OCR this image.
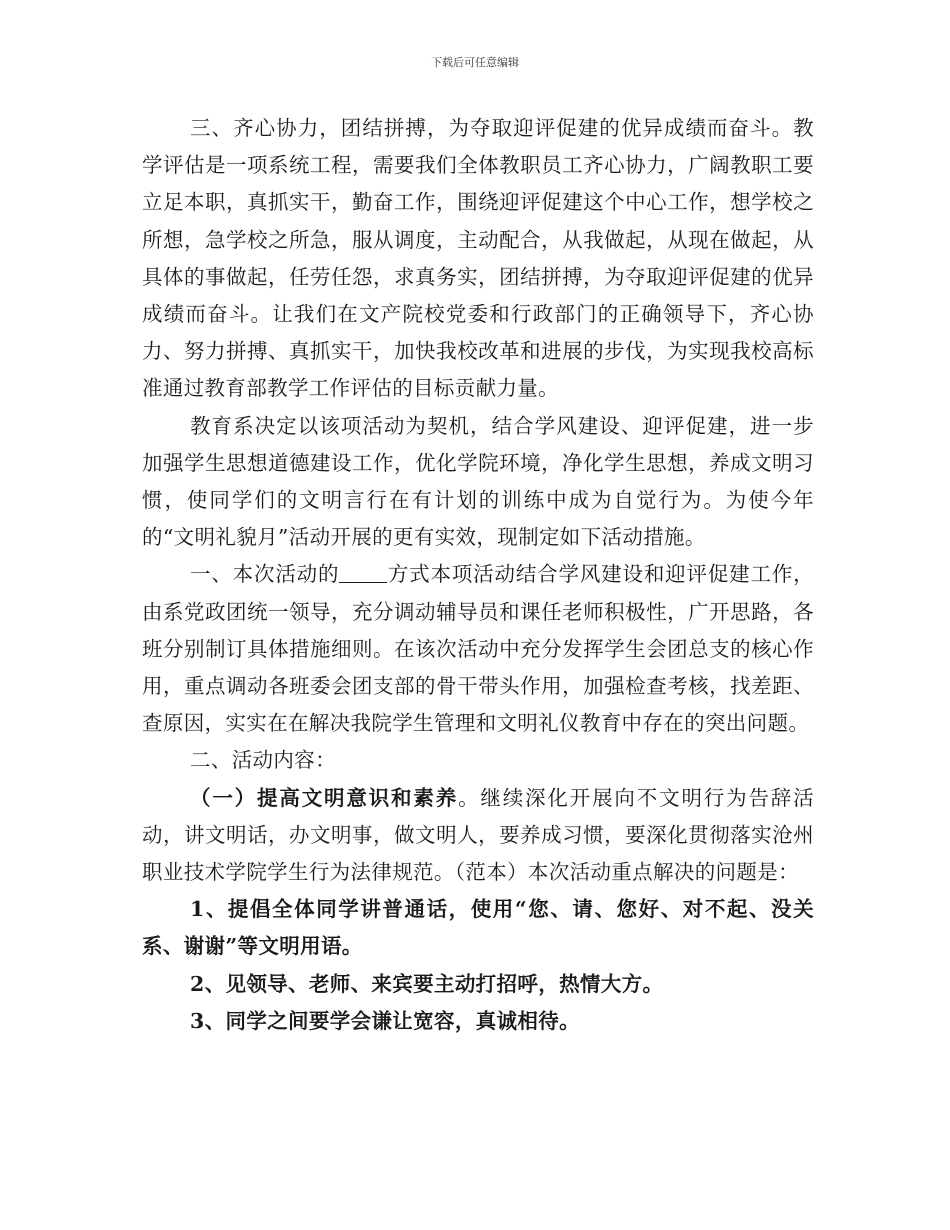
下载后可任意编辑

三、齐心协力，团结拼搏，为夺取迎评促建的优异成绩而奋斗。教学评估是一项系统工程，需要我们全体教职员工齐心协力，广阔教职工要立足本职，真抓实干，勤奋工作，围绕迎评促建这个中心工作，想学校之所想，急学校之所急，服从调度，主动配合，从我做起，从现在做起，从具体的事做起，任劳任怨，求真务实，团结拼搏，为夺取迎评促建的优异成绩而奋斗。让我们在文产院校党委和行政部门的正确领导下，齐心协力、努力拼搏、真抓实干，加快我校改革和进展的步伐，为实现我校高标准通过教育部教学工作评估的目标贡献力量。

教育系决定以该项活动为契机，结合学风建设、迎评促建，进一步加强学生思想道德建设工作，优化学院环境，净化学生思想，养成文明习惯，使同学们的文明言行在有计划的训练中成为自觉行为。为使今年的“文明礼貌月”活动开展的更有实效，现制定如下活动措施。

一、本次活动的 方式本项活动结合学风建设和迎评促建工作，由系党政团统一领导，充分调动辅导员和课任老师积极性，广开思路，各班分别制订具体措施细则。在该次活动中充分发挥学生会团总支的核心作用，重点调动各班委会团支部的骨干带头作用，加强检查考核，找差距、查原因，实实在在解决我院学生管理和文明礼仪教育中存在的突出问题。

二、活动内容：

（一）提高文明意识和素养。继续深化开展向不文明行为告辞活动，讲文明话，办文明事，做文明人，要养成习惯，要深化贯彻落实沧州职业技术学院学生行为法律规范。（范本）本次活动重点解决的问题是：

1、提倡全体同学讲普通话，使用“您、请、您好、对不起、没关系、谢谢”等文明用语。

2、见领导、老师、来宾要主动打招呼，热情大方。

3、同学之间要学会谦让宽容，真诚相待。
